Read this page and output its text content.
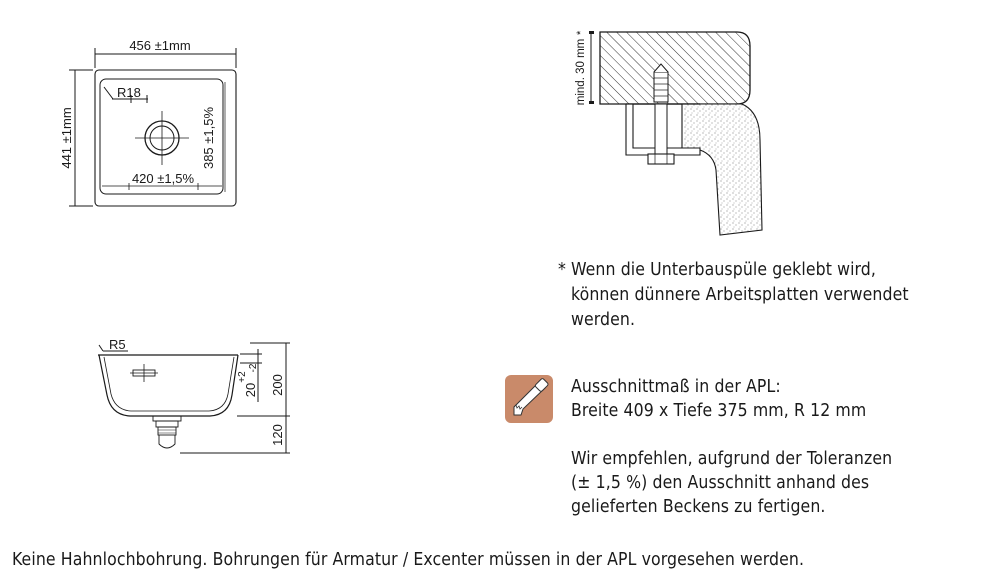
456 ±1mm
441 ±1mm
R18
420 ±1,5%
385 ±1,5%
R5
200
120
20
+2
-2
mind. 30 mm
*
* Wenn die Unterbauspüle geklebt wird,
können dünnere Arbeitsplatten verwendet
werden.
Ausschnittmaß in der APL:
Breite 409 x Tiefe 375 mm, R 12 mm
Wir empfehlen, aufgrund der Toleranzen
(± 1,5 %) den Ausschnitt anhand des
gelieferten Beckens zu fertigen.
Keine Hahnlochbohrung. Bohrungen für Armatur / Excenter müssen in der APL vorgesehen werden.
